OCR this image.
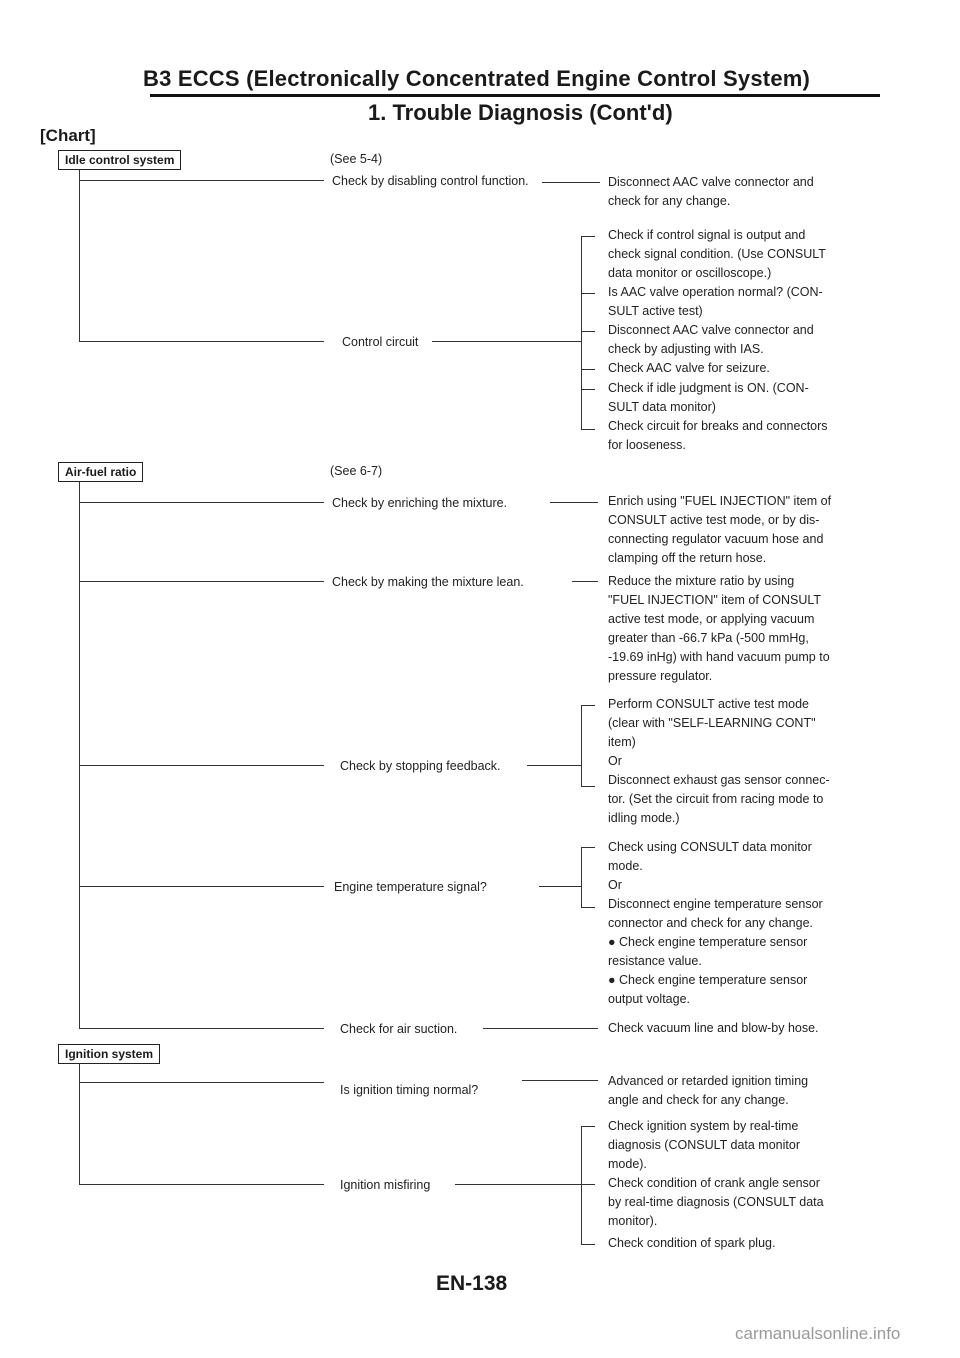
B3 ECCS (Electronically Concentrated Engine Control System)
1. Trouble Diagnosis (Cont'd)
[Chart]
Idle control system	(See 5-4)
Check by disabling control function.
Control circuit
Disconnect AAC valve connector and
check for any change.
Check if control signal is output and
check signal condition. (Use CONSULT
data monitor or oscilloscope.)
Is AAC valve operation normal? (CON-
SULT active test)
Disconnect AAC valve connector and
check by adjusting with IAS.
Check AAC valve for seizure.
Check if idle judgment is ON. (CON-
SULT data monitor)
Check circuit for breaks and connectors
for looseness.
Air-fuel ratio	(See 6-7)
Check by enriching the mixture.
Check by making the mixture lean.
Check by stopping feedback.
Engine temperature signal?
Check for air suction.
Enrich using "FUEL INJECTION" item of
CONSULT active test mode, or by dis-
connecting regulator vacuum hose and
clamping off the return hose.
Reduce the mixture ratio by using
"FUEL INJECTION" item of CONSULT
active test mode, or applying vacuum
greater than -66.7 kPa (-500 mmHg,
-19.69 inHg) with hand vacuum pump to
pressure regulator.
Perform CONSULT active test mode
(clear with "SELF-LEARNING CONT"
item)
Or
Disconnect exhaust gas sensor connec-
tor. (Set the circuit from racing mode to
idling mode.)
Check using CONSULT data monitor
mode.
Or
Disconnect engine temperature sensor
connector and check for any change.
● Check engine temperature sensor
resistance value.
● Check engine temperature sensor
output voltage.
Check vacuum line and blow-by hose.
Ignition system
Is ignition timing normal?
Ignition misfiring
Advanced or retarded ignition timing
angle and check for any change.
Check ignition system by real-time
diagnosis (CONSULT data monitor
mode).
Check condition of crank angle sensor
by real-time diagnosis (CONSULT data
monitor).
Check condition of spark plug.
EN-138
carmanualsonline.info
